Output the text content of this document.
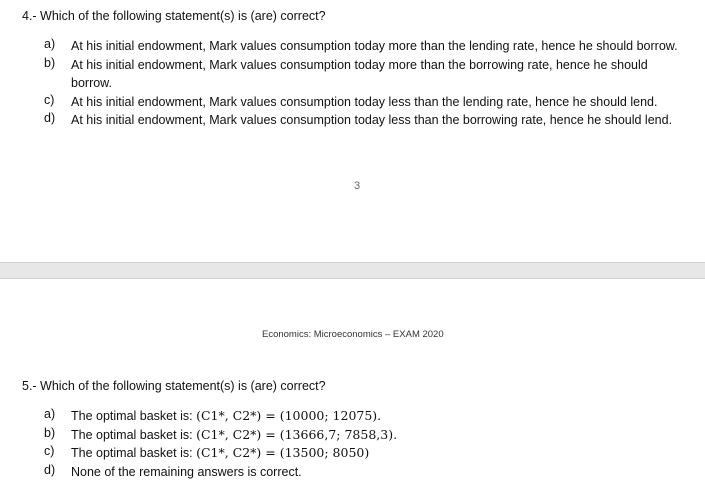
4.- Which of the following statement(s) is (are) correct?
a) At his initial endowment, Mark values consumption today more than the lending rate, hence he should borrow.
b) At his initial endowment, Mark values consumption today more than the borrowing rate, hence he should borrow.
c) At his initial endowment, Mark values consumption today less than the lending rate, hence he should lend.
d) At his initial endowment, Mark values consumption today less than the borrowing rate, hence he should lend.
3
Economics: Microeconomics – EXAM 2020
5.- Which of the following statement(s) is (are) correct?
a) The optimal basket is: (C1*, C2*) = (10000; 12075).
b) The optimal basket is: (C1*, C2*) = (13666,7; 7858,3).
c) The optimal basket is: (C1*, C2*) = (13500; 8050)
d) None of the remaining answers is correct.
